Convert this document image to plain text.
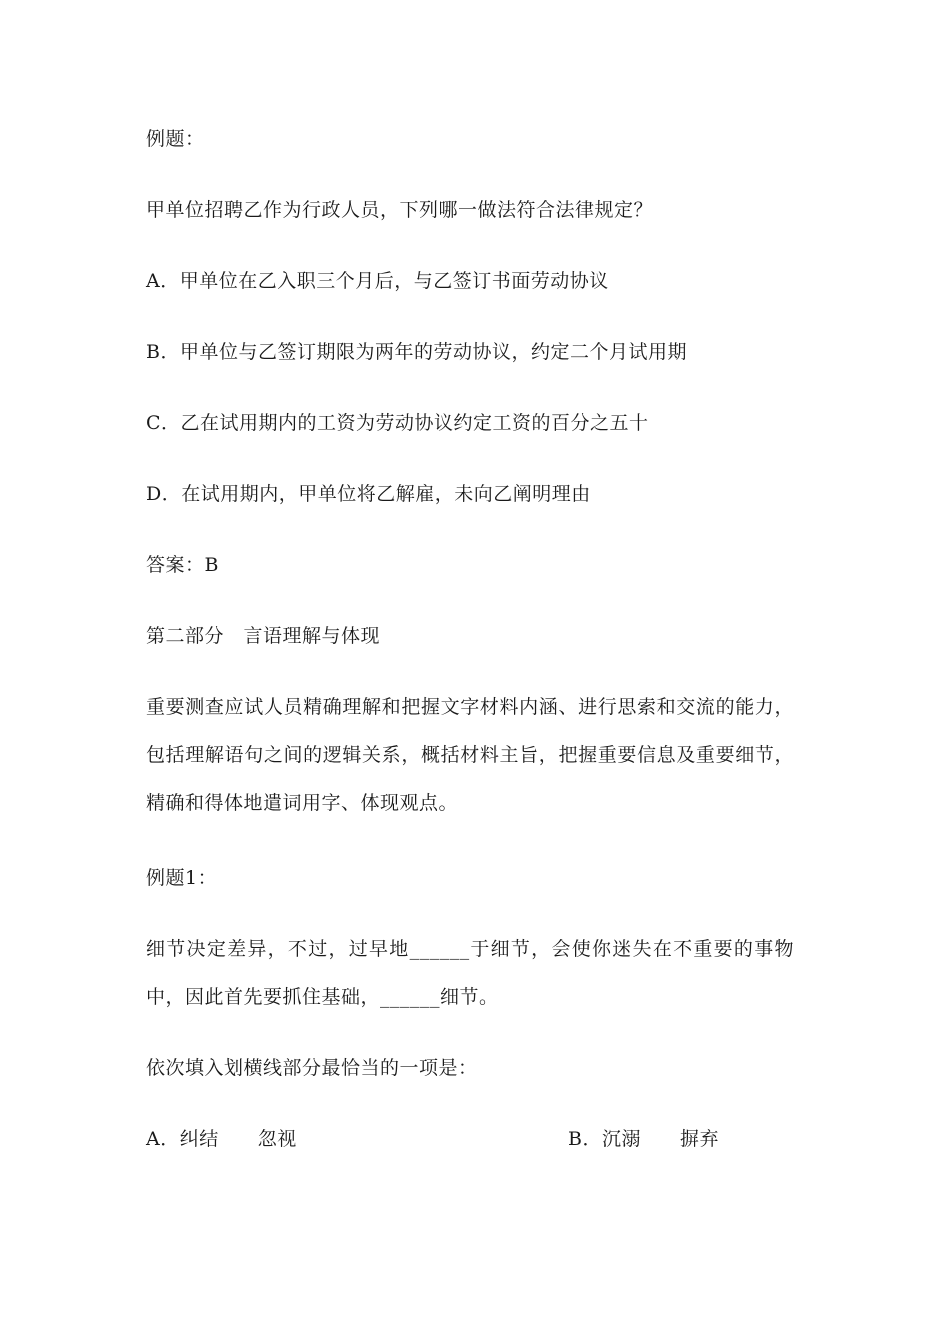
例题：
甲单位招聘乙作为行政人员，下列哪一做法符合法律规定？
A．甲单位在乙入职三个月后，与乙签订书面劳动协议
B．甲单位与乙签订期限为两年的劳动协议，约定二个月试用期
C．乙在试用期内的工资为劳动协议约定工资的百分之五十
D．在试用期内，甲单位将乙解雇，未向乙阐明理由
答案：B
第二部分　言语理解与体现
重要测查应试人员精确理解和把握文字材料内涵、进行思索和交流的能力，包括理解语句之间的逻辑关系，概括材料主旨，把握重要信息及重要细节，精确和得体地遣词用字、体现观点。
例题1：
细节决定差异，不过，过早地______于细节，会使你迷失在不重要的事物中，因此首先要抓住基础，______细节。
依次填入划横线部分最恰当的一项是：
A．纠结　　忽视	B．沉溺　　摒弃
